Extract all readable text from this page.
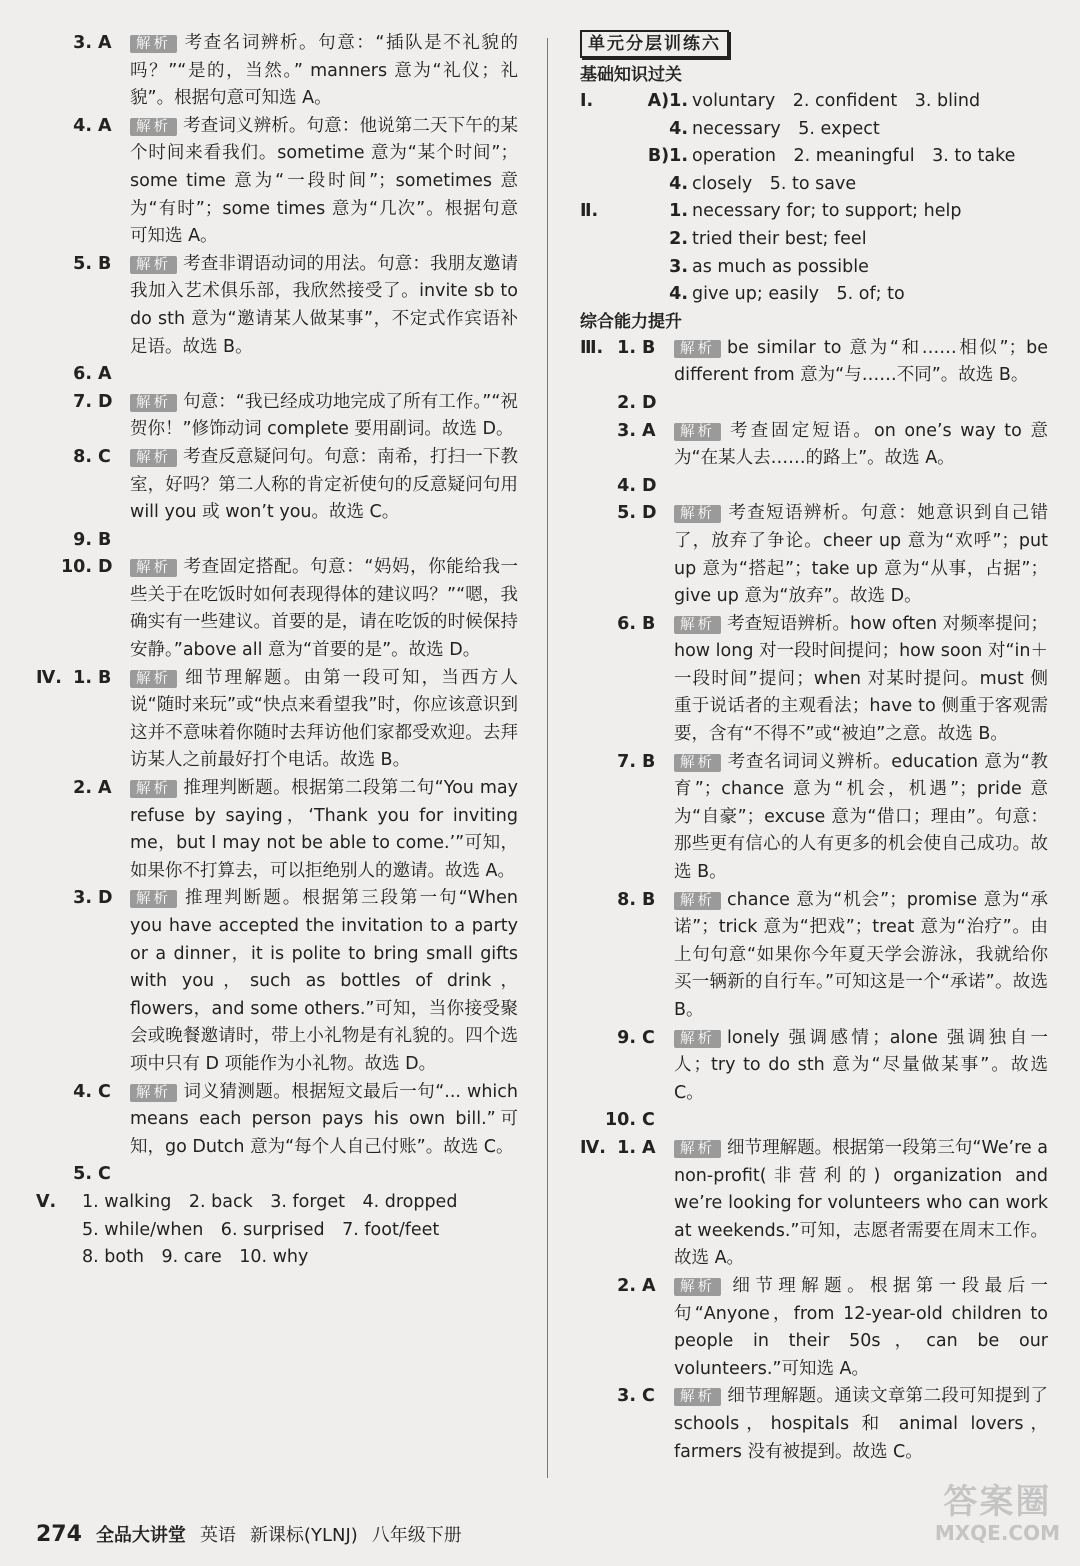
3. A	解析 考查名词辨析。句意：“插队是不礼貌的吗？”“是的，当然。” manners 意为“礼仪；礼貌”。根据句意可知选 A。
4. A	解析 考查词义辨析。句意：他说第二天下午的某个时间来看我们。sometime 意为“某个时间”；some time 意为“一段时间”；sometimes 意为“有时”；some times 意为“几次”。根据句意可知选 A。
5. B	解析 考查非谓语动词的用法。句意：我朋友邀请我加入艺术俱乐部，我欣然接受了。invite sb to do sth 意为“邀请某人做某事”，不定式作宾语补足语。故选 B。
6. A
7. D	解析 句意：“我已经成功地完成了所有工作。”“祝贺你！”修饰动词 complete 要用副词。故选 D。
8. C	解析 考查反意疑问句。句意：南希，打扫一下教室，好吗？第二人称的肯定祈使句的反意疑问句用 will you 或 won’t you。故选 C。
9. B
10. D	解析 考查固定搭配。句意：“妈妈，你能给我一些关于在吃饭时如何表现得体的建议吗？”“嗯，我确实有一些建议。首要的是，请在吃饭的时候保持安静。”above all 意为“首要的是”。故选 D。
Ⅳ. 1. B	解析 细节理解题。由第一段可知，当西方人说“随时来玩”或“快点来看望我”时，你应该意识到这并不意味着你随时去拜访他们家都受欢迎。去拜访某人之前最好打个电话。故选 B。
2. A	解析 推理判断题。根据第二段第二句“You may refuse by saying，‘Thank you for inviting me，but I may not be able to come.’”可知，如果你不打算去，可以拒绝别人的邀请。故选 A。
3. D	解析 推理判断题。根据第三段第一句“When you have accepted the invitation to a party or a dinner，it is polite to bring small gifts with you，such as bottles of drink，flowers，and some others.”可知，当你接受聚会或晚餐邀请时，带上小礼物是有礼貌的。四个选项中只有 D 项能作为小礼物。故选 D。
4. C	解析 词义猜测题。根据短文最后一句“... which means each person pays his own bill.”可知，go Dutch 意为“每个人自己付账”。故选 C。
5. C
Ⅴ.	1. walking　2. back　3. forget　4. dropped
5. while/when　6. surprised　7. foot/feet
8. both　9. care　10. why
单元分层训练六
基础知识过关
Ⅰ.	A)1. voluntary　2. confident　3. blind
4. necessary　5. expect
B)1. operation　2. meaningful　3. to take
4. closely　5. to save
Ⅱ.	1. necessary for; to support; help
2. tried their best; feel
3. as much as possible
4. give up; easily　5. of; to
综合能力提升
Ⅲ. 1. B	解析 be similar to 意为“和……相似”；be different from 意为“与……不同”。故选 B。
2. D
3. A	解析 考查固定短语。on one’s way to 意为“在某人去……的路上”。故选 A。
4. D
5. D	解析 考查短语辨析。句意：她意识到自己错了，放弃了争论。cheer up 意为“欢呼”；put up 意为“搭起”；take up 意为“从事，占据”；give up 意为“放弃”。故选 D。
6. B	解析 考查短语辨析。how often 对频率提问；how long 对一段时间提问；how soon 对“in＋一段时间”提问；when 对某时提问。must 侧重于说话者的主观看法；have to 侧重于客观需要，含有“不得不”或“被迫”之意。故选 B。
7. B	解析 考查名词词义辨析。education 意为“教育”；chance 意为“机会，机遇”；pride 意为“自豪”；excuse 意为“借口；理由”。句意：那些更有信心的人有更多的机会使自己成功。故选 B。
8. B	解析 chance 意为“机会”；promise 意为“承诺”；trick 意为“把戏”；treat 意为“治疗”。由上句句意“如果你今年夏天学会游泳，我就给你买一辆新的自行车。”可知这是一个“承诺”。故选 B。
9. C	解析 lonely 强调感情；alone 强调独自一人；try to do sth 意为“尽量做某事”。故选 C。
10. C
Ⅳ. 1. A	解析 细节理解题。根据第一段第三句“We’re a non-profit(非营利的) organization and we’re looking for volunteers who can work at weekends.”可知，志愿者需要在周末工作。故选 A。
2. A	解析 细节理解题。根据第一段最后一句“Anyone，from 12-year-old children to people in their 50s，can be our volunteers.”可知选 A。
3. C	解析 细节理解题。通读文章第二段可知提到了 schools，hospitals 和 animal lovers，farmers 没有被提到。故选 C。
274 全品大讲堂 英语 新课标(YLNJ) 八年级下册
答案圈
MXQE.COM
